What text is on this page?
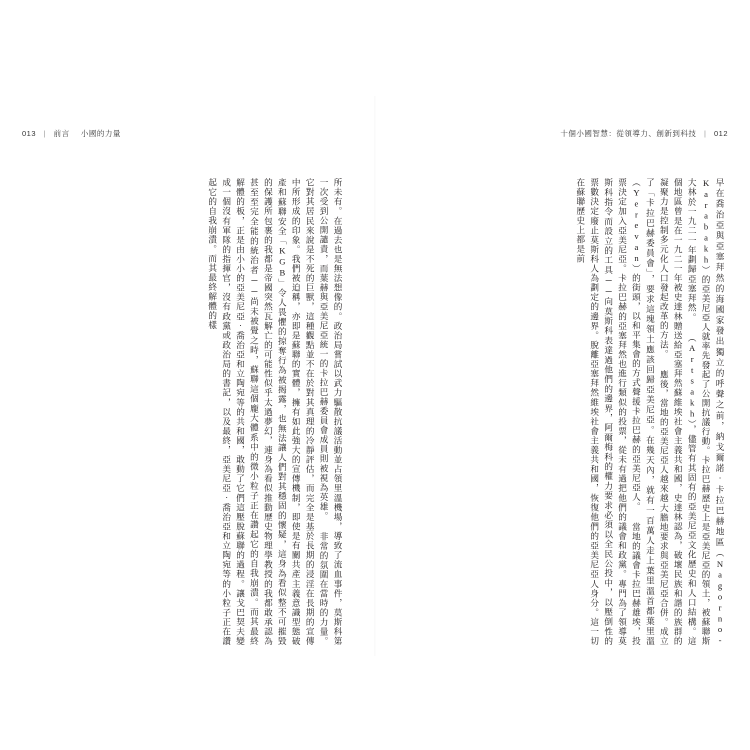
013 | 前言 小國的力量	十個小國智慧：從領導力、創新到科技 | 012

早在喬治亞與亞塞拜然的海國家發出獨立的呼聲之前，納戈爾諾‧卡拉巴赫地區（Nagorno-Karabakh）的亞美尼亞人就率先發起了公開抗議行動。卡拉巴赫歷史上是亞美尼亞的領土，被蘇聯斯大林於一九二一年劃歸亞塞拜然。

（Artsakh），儘管有其固有的亞美尼亞文化歷史和人口結構。這個地區曾是在一九二一年被史達林贈送給亞塞拜然蘇維埃社會主義共和國，史達林認為，破壞民族和諧的族群的凝聚力是控制多元化人口發起改革的方法。

應後，當地的亞美尼亞人越來越大膽地要求與亞美尼亞合併。成立了「卡拉巴赫委員會」，要求這塊領土應該回歸亞美尼亞。在幾天內，就有一百萬人走上葉里溫首都葉里溫（Yerevan）的街頭，以和平集會的方式聲援卡拉巴赫的亞美尼亞人。

當地的議會卡拉巴赫雄埃，投票決定加入亞美尼亞。卡拉巴赫的亞塞拜然也進行類似的投票，從未有過把他們的議會和政黨。專門為了領導莫斯科指令而設立的工具──向莫斯科表達過他們的邊界，阿爾梅科的權力要求必須以全民公投中，以壓倒性的票數決定廢止莫斯科人為劃定的邊界。脫離亞塞拜然維埃社會主義共和國，恢復他們的亞美尼亞人身分。這一切在蘇聯歷史上都是前

所未有。在過去也是無法想像的。政治局嘗試以武力驅散抗議活動並占領里溫機場，導致了流血事件，莫斯科第一次受到公開譴責，而葉赫與亞美尼亞統一的卡拉巴赫委員會成員則被視為英雄。

非常的氛圍在當時的力量。它對其居民來說是不死的巨獸，這種觀點並不在於對其真理的冷靜評估，而完全是基於長期的浸淫在長期的宣傳中所形成的印象。我們被迫稱，亦即是蘇聯的實體，擁有如此強大的宣傳機制，即使是有關共產主義意識型態破產和蘇聯安全「KGB」令人畏懼的掠奪行為被揭露，也無法讓人們對其穩固的懷疑，這身為看似整不可摧毀的保護所包裹的我都是帝國突然瓦解亡的可能性似乎太過夢幻，連身為看似推動歷史物理學教授的我都敢承認為甚至至完全能的統治者──尚未被覺之時，蘇聯這個龐大體系中的微小粒子正在讚起它的自我崩潰。而其最終解體的板，正是由小小的亞美尼亞‧喬治亞和立陶宛等的共和國，敢動了它們這壓脫蘇聯的過程。讓戈巴契夫變成一個沒有軍隊的指揮官，沒有政黨或政治局的書記，以及最終，亞美尼亞‧喬治亞和立陶宛等的小粒子正在讚起它的自我崩潰。而其最終解體的樣
